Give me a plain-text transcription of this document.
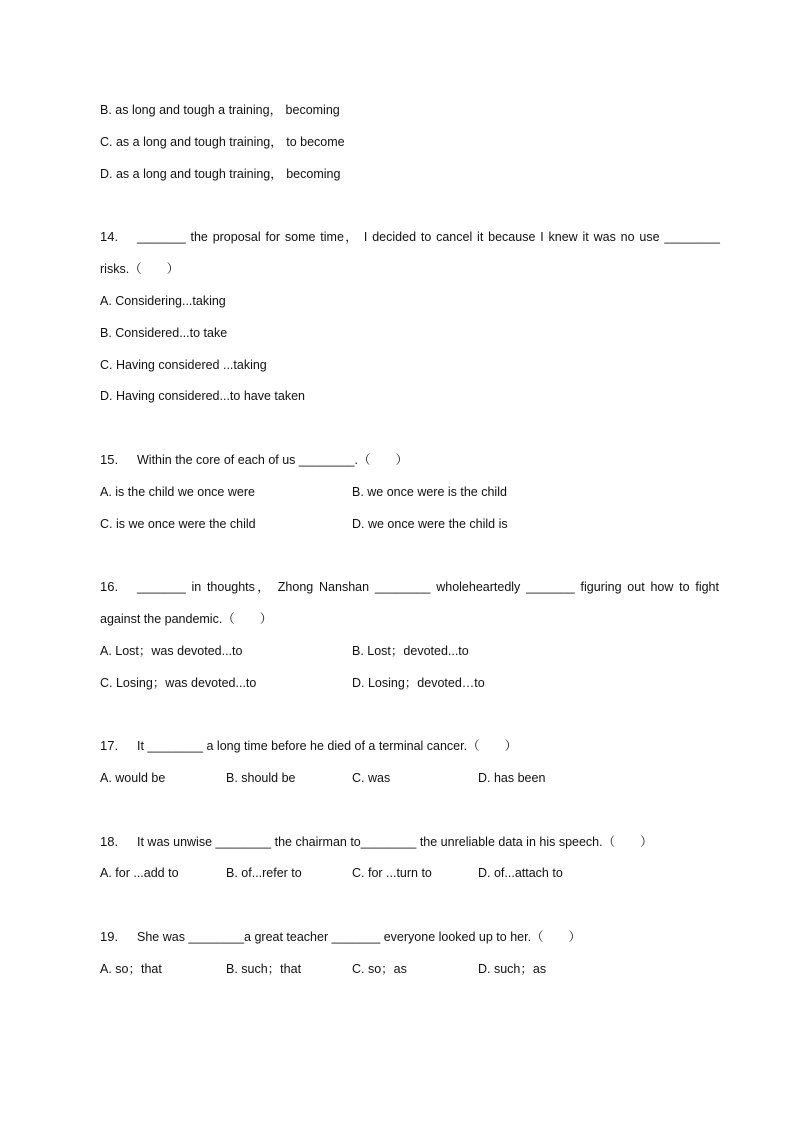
B. as long and tough a training， becoming
C. as a long and tough training， to become
D. as a long and tough training， becoming
14. _______ the proposal for some time， I decided to cancel it because I knew it was no use ________
risks.（　　）
A. Considering...taking
B. Considered...to take
C. Having considered ...taking
D. Having considered...to have taken
15. Within the core of each of us ________.（　　）
A. is the child we once were	B. we once were is the child
C. is we once were the child	D. we once were the child is
16. _______ in thoughts， Zhong Nanshan ________ wholeheartedly _______ figuring out how to fight
against the pandemic.（　　）
A. Lost；was devoted...to	B. Lost；devoted...to
C. Losing；was devoted...to	D. Losing；devoted…to
17. It ________ a long time before he died of a terminal cancer.（　　）
A. would be	B. should be	C. was	D. has been
18. It was unwise ________ the chairman to________ the unreliable data in his speech.（　　）
A. for ...add to	B. of...refer to	C. for ...turn to	D. of...attach to
19. She was ________a great teacher _______ everyone looked up to her.（　　）
A. so；that	B. such；that	C. so；as	D. such；as
